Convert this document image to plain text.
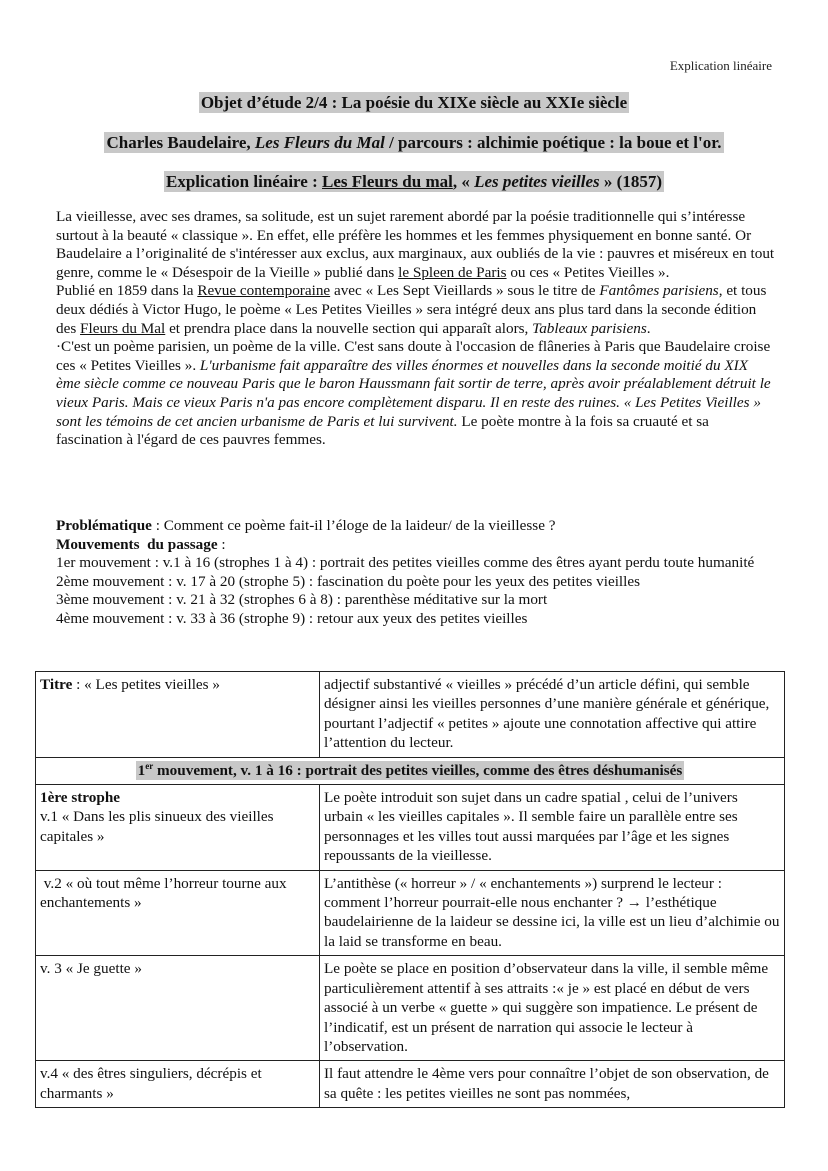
Explication linéaire
Objet d’étude 2/4 : La poésie du XIXe siècle au XXIe siècle
Charles Baudelaire, Les Fleurs du Mal / parcours : alchimie poétique : la boue et l'or.
Explication linéaire : Les Fleurs du mal, « Les petites vieilles » (1857)

La vieillesse, avec ses drames, sa solitude, est un sujet rarement abordé par la poésie traditionnelle qui s’intéresse surtout à la beauté « classique ». En effet, elle préfère les hommes et les femmes physiquement en bonne santé. Or Baudelaire a l’originalité de s'intéresser aux exclus, aux marginaux, aux oubliés de la vie : pauvres et miséreux en tout genre, comme le « Désespoir de la Vieille » publié dans le Spleen de Paris ou ces « Petites Vieilles ».

Publié en 1859 dans la Revue contemporaine avec « Les Sept Vieillards » sous le titre de Fantômes parisiens, et tous deux dédiés à Victor Hugo, le poème « Les Petites Vieilles » sera intégré deux ans plus tard dans la seconde édition des Fleurs du Mal et prendra place dans la nouvelle section qui apparaît alors, Tableaux parisiens.

·C'est un poème parisien, un poème de la ville. C'est sans doute à l'occasion de flâneries à Paris que Baudelaire croise ces « Petites Vieilles ». L'urbanisme fait apparaître des villes énormes et nouvelles dans la seconde moitié du XIX ème siècle comme ce nouveau Paris que le baron Haussmann fait sortir de terre, après avoir préalablement détruit le vieux Paris. Mais ce vieux Paris n'a pas encore complètement disparu. Il en reste des ruines. « Les Petites Vieilles » sont les témoins de cet ancien urbanisme de Paris et lui survivent. Le poète montre à la fois sa cruauté et sa fascination à l'égard de ces pauvres femmes.

Problématique : Comment ce poème fait-il l’éloge de la laideur/ de la vieillesse ?

Mouvements  du passage :

1er mouvement : v.1 à 16 (strophes 1 à 4) : portrait des petites vieilles comme des êtres ayant perdu toute humanité

2ème mouvement : v. 17 à 20 (strophe 5) : fascination du poète pour les yeux des petites vieilles

3ème mouvement : v. 21 à 32 (strophes 6 à 8) : parenthèse méditative sur la mort

4ème mouvement : v. 33 à 36 (strophe 9) : retour aux yeux des petites vieilles

Titre : « Les petites vieilles »	adjectif substantivé « vieilles » précédé d’un article défini, qui semble désigner ainsi les vieilles personnes d’une manière générale et générique, pourtant l’adjectif « petites » ajoute une connotation affective qui attire l’attention du lecteur.
1er mouvement, v. 1 à 16 : portrait des petites vieilles, comme des êtres déshumanisés	

1ère strophe
v.1 « Dans les plis sinueux des vieilles capitales »	Le poète introduit son sujet dans un cadre spatial , celui de l’univers urbain « les vieilles capitales ». Il semble faire un parallèle entre ses personnages et les villes tout aussi marquées par l’âge et les signes repoussants de la vieillesse.

v.2 « où tout même l’horreur tourne aux enchantements »	L’antithèse (« horreur » / « enchantements ») surprend le lecteur : comment l’horreur pourrait-elle nous enchanter ? → l’esthétique baudelairienne de la laideur se dessine ici, la ville est un lieu d’alchimie ou la laid se transforme en beau.

v. 3 « Je guette »	Le poète se place en position d’observateur dans la ville, il semble même particulièrement attentif à ses attraits :« je » est placé en début de vers associé à un verbe « guette » qui suggère son impatience. Le présent de l’indicatif, est un présent de narration qui associe le lecteur à l’observation.

v.4 « des êtres singuliers, décrépis et charmants »	Il faut attendre le 4ème vers pour connaître l’objet de son observation, de sa quête : les petites vieilles ne sont pas nommées,
